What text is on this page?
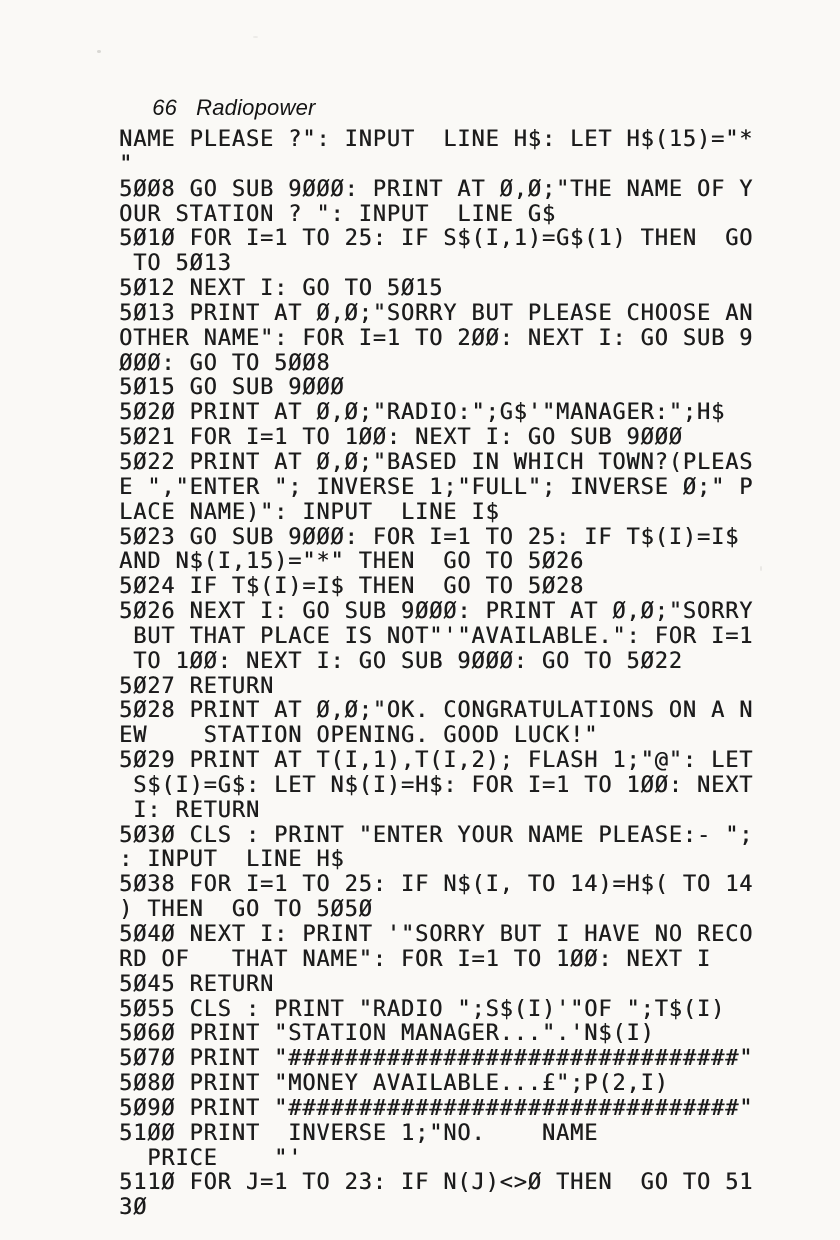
66 Radiopower

NAME PLEASE ?": INPUT  LINE H$: LET H$(15)="*
"
5ØØ8 GO SUB 9ØØØ: PRINT AT Ø,Ø;"THE NAME OF Y
OUR STATION ? ": INPUT  LINE G$
5Ø1Ø FOR I=1 TO 25: IF S$(I,1)=G$(1) THEN  GO
TO 5Ø13
5Ø12 NEXT I: GO TO 5Ø15
5Ø13 PRINT AT Ø,Ø;"SORRY BUT PLEASE CHOOSE AN
OTHER NAME": FOR I=1 TO 2ØØ: NEXT I: GO SUB 9
ØØØ: GO TO 5ØØ8
5Ø15 GO SUB 9ØØØ
5Ø2Ø PRINT AT Ø,Ø;"RADIO:";G$'"MANAGER:";H$
5Ø21 FOR I=1 TO 1ØØ: NEXT I: GO SUB 9ØØØ
5Ø22 PRINT AT Ø,Ø;"BASED IN WHICH TOWN?(PLEAS
E ","ENTER "; INVERSE 1;"FULL"; INVERSE Ø;" P
LACE NAME)": INPUT  LINE I$
5Ø23 GO SUB 9ØØØ: FOR I=1 TO 25: IF T$(I)=I$
AND N$(I,15)="*" THEN  GO TO 5Ø26
5Ø24 IF T$(I)=I$ THEN  GO TO 5Ø28
5Ø26 NEXT I: GO SUB 9ØØØ: PRINT AT Ø,Ø;"SORRY
BUT THAT PLACE IS NOT"'"AVAILABLE.": FOR I=1
TO 1ØØ: NEXT I: GO SUB 9ØØØ: GO TO 5Ø22
5Ø27 RETURN
5Ø28 PRINT AT Ø,Ø;"OK. CONGRATULATIONS ON A N
EW    STATION OPENING. GOOD LUCK!"
5Ø29 PRINT AT T(I,1),T(I,2); FLASH 1;"@": LET
S$(I)=G$: LET N$(I)=H$: FOR I=1 TO 1ØØ: NEXT
I: RETURN
5Ø3Ø CLS : PRINT "ENTER YOUR NAME PLEASE:- ";
: INPUT  LINE H$
5Ø38 FOR I=1 TO 25: IF N$(I, TO 14)=H$( TO 14
) THEN  GO TO 5Ø5Ø
5Ø4Ø NEXT I: PRINT '"SORRY BUT I HAVE NO RECO
RD OF   THAT NAME": FOR I=1 TO 1ØØ: NEXT I
5Ø45 RETURN
5Ø55 CLS : PRINT "RADIO ";S$(I)'"OF ";T$(I)
5Ø6Ø PRINT "STATION MANAGER...".'N$(I)
5Ø7Ø PRINT "################################"
5Ø8Ø PRINT "MONEY AVAILABLE...£";P(2,I)
5Ø9Ø PRINT "################################"
51ØØ PRINT  INVERSE 1;"NO.    NAME
PRICE    "'
511Ø FOR J=1 TO 23: IF N(J)<>Ø THEN  GO TO 51
3Ø
